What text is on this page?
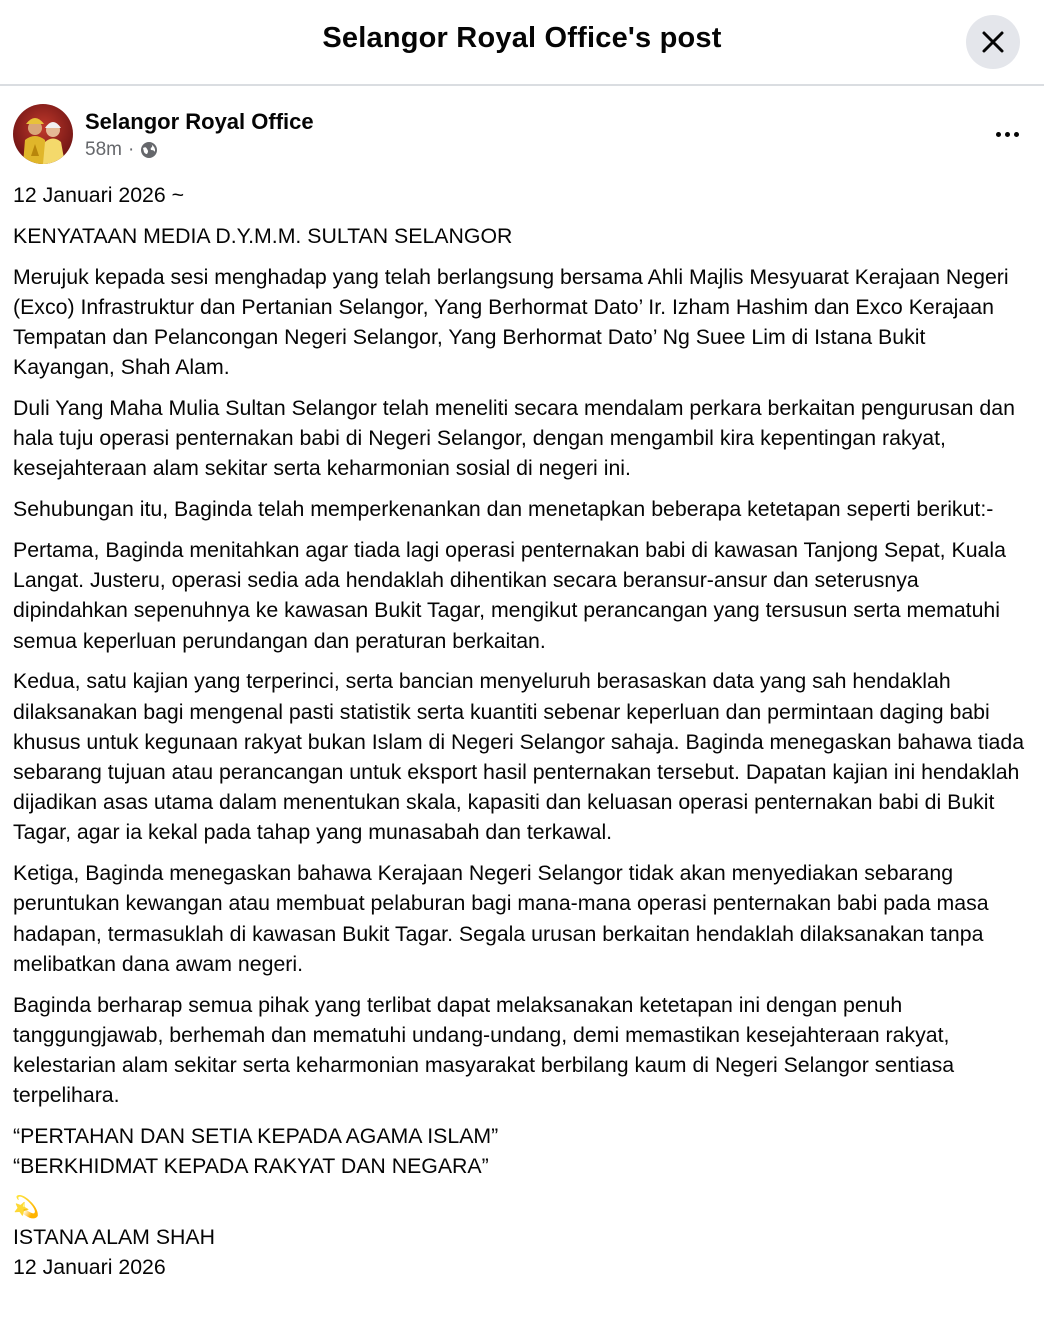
Selangor Royal Office's post
Selangor Royal Office
58m ·

12 Januari 2026 ~

KENYATAAN MEDIA D.Y.M.M. SULTAN SELANGOR

Merujuk kepada sesi menghadap yang telah berlangsung bersama Ahli Majlis Mesyuarat Kerajaan Negeri (Exco) Infrastruktur dan Pertanian Selangor, Yang Berhormat Dato’ Ir. Izham Hashim dan Exco Kerajaan Tempatan dan Pelancongan Negeri Selangor, Yang Berhormat Dato’ Ng Suee Lim di Istana Bukit Kayangan, Shah Alam.

Duli Yang Maha Mulia Sultan Selangor telah meneliti secara mendalam perkara berkaitan pengurusan dan hala tuju operasi penternakan babi di Negeri Selangor, dengan mengambil kira kepentingan rakyat, kesejahteraan alam sekitar serta keharmonian sosial di negeri ini.

Sehubungan itu, Baginda telah memperkenankan dan menetapkan beberapa ketetapan seperti berikut:-

Pertama, Baginda menitahkan agar tiada lagi operasi penternakan babi di kawasan Tanjong Sepat, Kuala Langat. Justeru, operasi sedia ada hendaklah dihentikan secara beransur-ansur dan seterusnya dipindahkan sepenuhnya ke kawasan Bukit Tagar, mengikut perancangan yang tersusun serta mematuhi semua keperluan perundangan dan peraturan berkaitan.

Kedua, satu kajian yang terperinci, serta bancian menyeluruh berasaskan data yang sah hendaklah dilaksanakan bagi mengenal pasti statistik serta kuantiti sebenar keperluan dan permintaan daging babi khusus untuk kegunaan rakyat bukan Islam di Negeri Selangor sahaja. Baginda menegaskan bahawa tiada sebarang tujuan atau perancangan untuk eksport hasil penternakan tersebut. Dapatan kajian ini hendaklah dijadikan asas utama dalam menentukan skala, kapasiti dan keluasan operasi penternakan babi di Bukit Tagar, agar ia kekal pada tahap yang munasabah dan terkawal.

Ketiga, Baginda menegaskan bahawa Kerajaan Negeri Selangor tidak akan menyediakan sebarang peruntukan kewangan atau membuat pelaburan bagi mana-mana operasi penternakan babi pada masa hadapan, termasuklah di kawasan Bukit Tagar. Segala urusan berkaitan hendaklah dilaksanakan tanpa melibatkan dana awam negeri.

Baginda berharap semua pihak yang terlibat dapat melaksanakan ketetapan ini dengan penuh tanggungjawab, berhemah dan mematuhi undang-undang, demi memastikan kesejahteraan rakyat, kelestarian alam sekitar serta keharmonian masyarakat berbilang kaum di Negeri Selangor sentiasa terpelihara.

“PERTAHAN DAN SETIA KEPADA AGAMA ISLAM”
“BERKHIDMAT KEPADA RAKYAT DAN NEGARA”

💫
ISTANA ALAM SHAH
12 Januari 2026
